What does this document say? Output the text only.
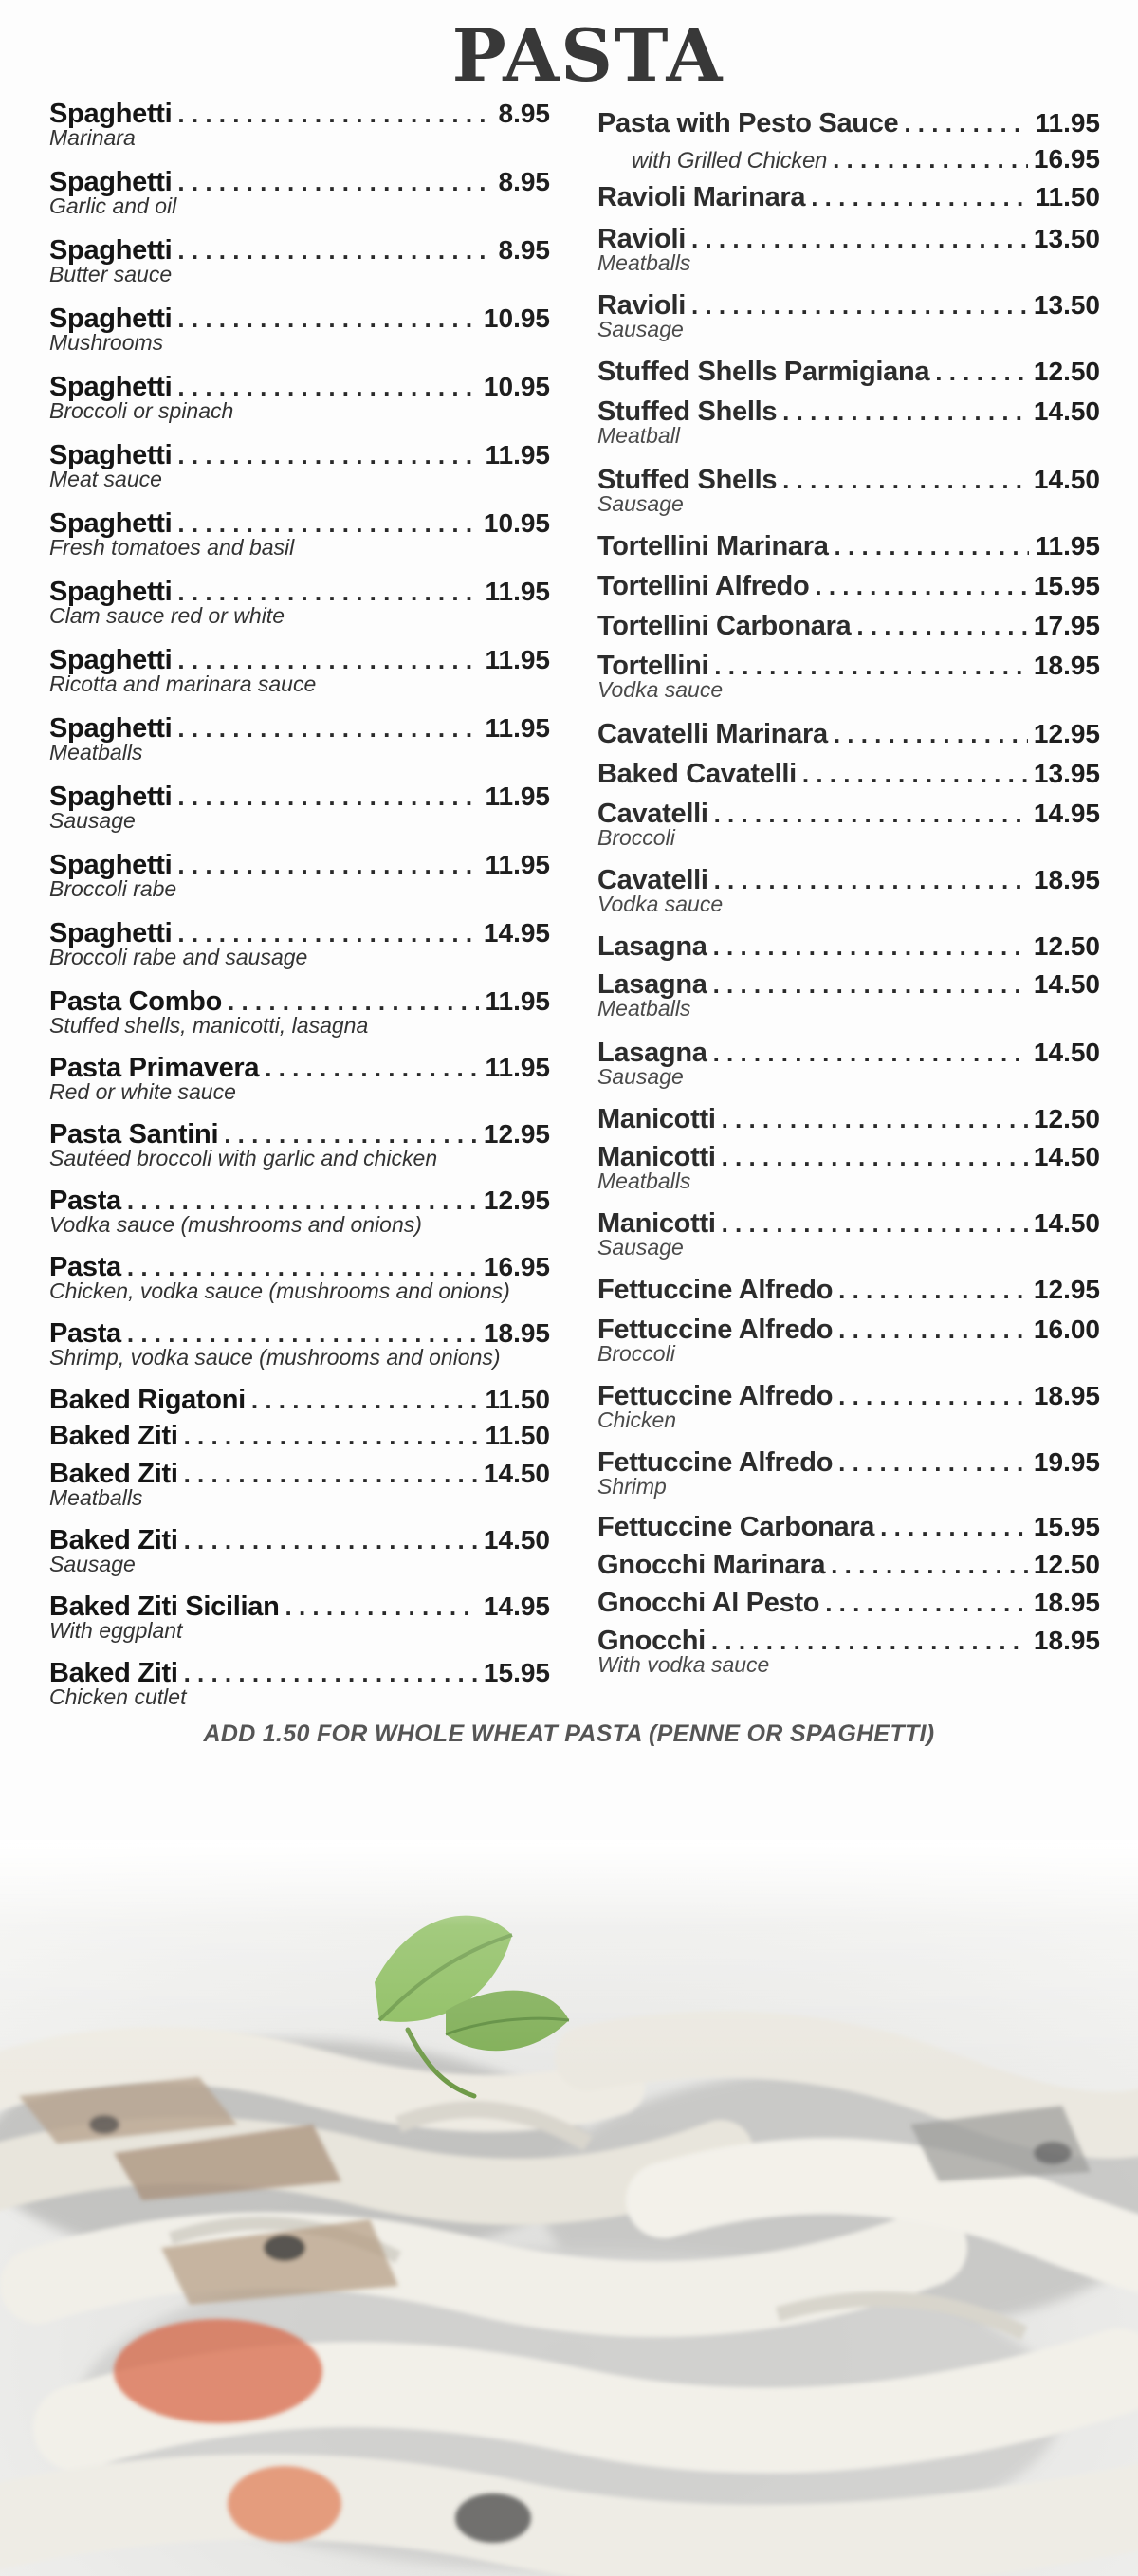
PASTA
Spaghetti . . .	8.95
Marinara
Spaghetti . . .	8.95
Garlic and oil
Spaghetti . . .	8.95
Butter sauce
Spaghetti . . .	10.95
Mushrooms
Spaghetti . . .	10.95
Broccoli or spinach
Spaghetti . . .	11.95
Meat sauce
Spaghetti . . .	10.95
Fresh tomatoes and basil
Spaghetti . . .	11.95
Clam sauce red or white
Spaghetti . . .	11.95
Ricotta and marinara sauce
Spaghetti . . .	11.95
Meatballs
Spaghetti . . .	11.95
Sausage
Spaghetti . . .	11.95
Broccoli rabe
Spaghetti . . .	14.95
Broccoli rabe and sausage
Pasta Combo . . .	11.95
Stuffed shells, manicotti, lasagna
Pasta Primavera . . .	11.95
Red or white sauce
Pasta Santini . . .	12.95
Sautéed broccoli with garlic and chicken
Pasta . . .	12.95
Vodka sauce (mushrooms and onions)
Pasta . . .	16.95
Chicken, vodka sauce (mushrooms and onions)
Pasta . . .	18.95
Shrimp, vodka sauce (mushrooms and onions)
Baked Rigatoni . . .	11.50
Baked Ziti . . .	11.50
Baked Ziti . . .	14.50
Meatballs
Baked Ziti . . .	14.50
Sausage
Baked Ziti Sicilian . . .	14.95
With eggplant
Baked Ziti . . .	15.95
Chicken cutlet
Pasta with Pesto Sauce . . .	11.95
with Grilled Chicken . . .	16.95
Ravioli Marinara . . .	11.50
Ravioli . . .	13.50
Meatballs
Ravioli . . .	13.50
Sausage
Stuffed Shells Parmigiana . . .	12.50
Stuffed Shells . . .	14.50
Meatball
Stuffed Shells . . .	14.50
Sausage
Tortellini Marinara . . .	11.95
Tortellini Alfredo . . .	15.95
Tortellini Carbonara . . .	17.95
Tortellini . . .	18.95
Vodka sauce
Cavatelli Marinara . . .	12.95
Baked Cavatelli . . .	13.95
Cavatelli . . .	14.95
Broccoli
Cavatelli . . .	18.95
Vodka sauce
Lasagna . . .	12.50
Lasagna . . .	14.50
Meatballs
Lasagna . . .	14.50
Sausage
Manicotti . . .	12.50
Manicotti . . .	14.50
Meatballs
Manicotti . . .	14.50
Sausage
Fettuccine Alfredo . . .	12.95
Fettuccine Alfredo . . .	16.00
Broccoli
Fettuccine Alfredo . . .	18.95
Chicken
Fettuccine Alfredo . . .	19.95
Shrimp
Fettuccine Carbonara . . .	15.95
Gnocchi Marinara . . .	12.50
Gnocchi Al Pesto . . .	18.95
Gnocchi . . .	18.95
With vodka sauce
ADD 1.50 FOR WHOLE WHEAT PASTA (PENNE OR SPAGHETTI)
